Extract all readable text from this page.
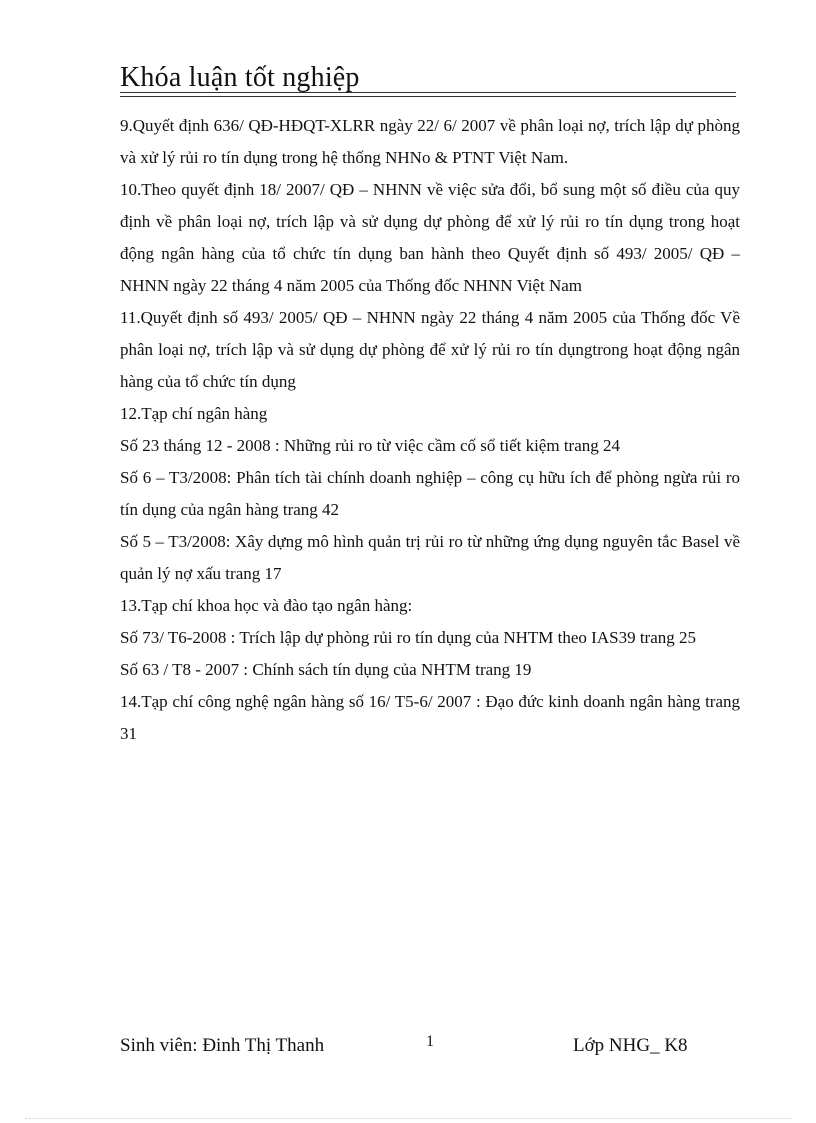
Khóa luận tốt nghiệp

9.Quyết định 636/ QĐ-HĐQT-XLRR ngày 22/ 6/ 2007 về phân loại nợ, trích lập dự phòng và xử lý rủi ro tín dụng trong hệ thống NHNo & PTNT Việt Nam.

10.Theo quyết định 18/ 2007/ QĐ – NHNN về việc sửa đổi, bổ sung một số điều của quy định về phân loại nợ, trích lập và sử dụng dự phòng để xử lý rủi ro tín dụng trong hoạt động ngân hàng của tổ chức tín dụng ban hành theo Quyết định số 493/ 2005/ QĐ – NHNN ngày 22 tháng 4 năm 2005 của Thống đốc NHNN Việt Nam

11.Quyết định số 493/ 2005/ QĐ – NHNN ngày 22 tháng 4 năm 2005 của Thống đốc Về phân loại nợ, trích lập và sử dụng dự phòng để xử lý rủi ro tín dụngtrong hoạt động ngân hàng của tổ chức tín dụng

12.Tạp chí ngân hàng

Số 23 tháng 12 - 2008 : Những rủi ro từ việc cầm cố sổ tiết kiệm trang 24

Số 6 – T3/2008: Phân tích tài chính doanh nghiệp – công cụ hữu ích để phòng ngừa rủi ro tín dụng của ngân hàng trang 42

Số 5 – T3/2008: Xây dựng mô hình quản trị rủi ro từ những ứng dụng nguyên tắc Basel về quản lý nợ xấu trang 17

13.Tạp chí khoa học và đào tạo ngân hàng:

Số 73/ T6-2008 : Trích lập dự phòng rủi ro tín dụng của NHTM theo IAS39 trang 25

Số 63 / T8 - 2007 : Chính sách tín dụng của NHTM trang 19

14.Tạp chí công nghệ ngân hàng số 16/ T5-6/ 2007 : Đạo đức kinh doanh ngân hàng trang 31

Sinh viên: Đinh Thị Thanh	1	Lớp NHG_ K8
